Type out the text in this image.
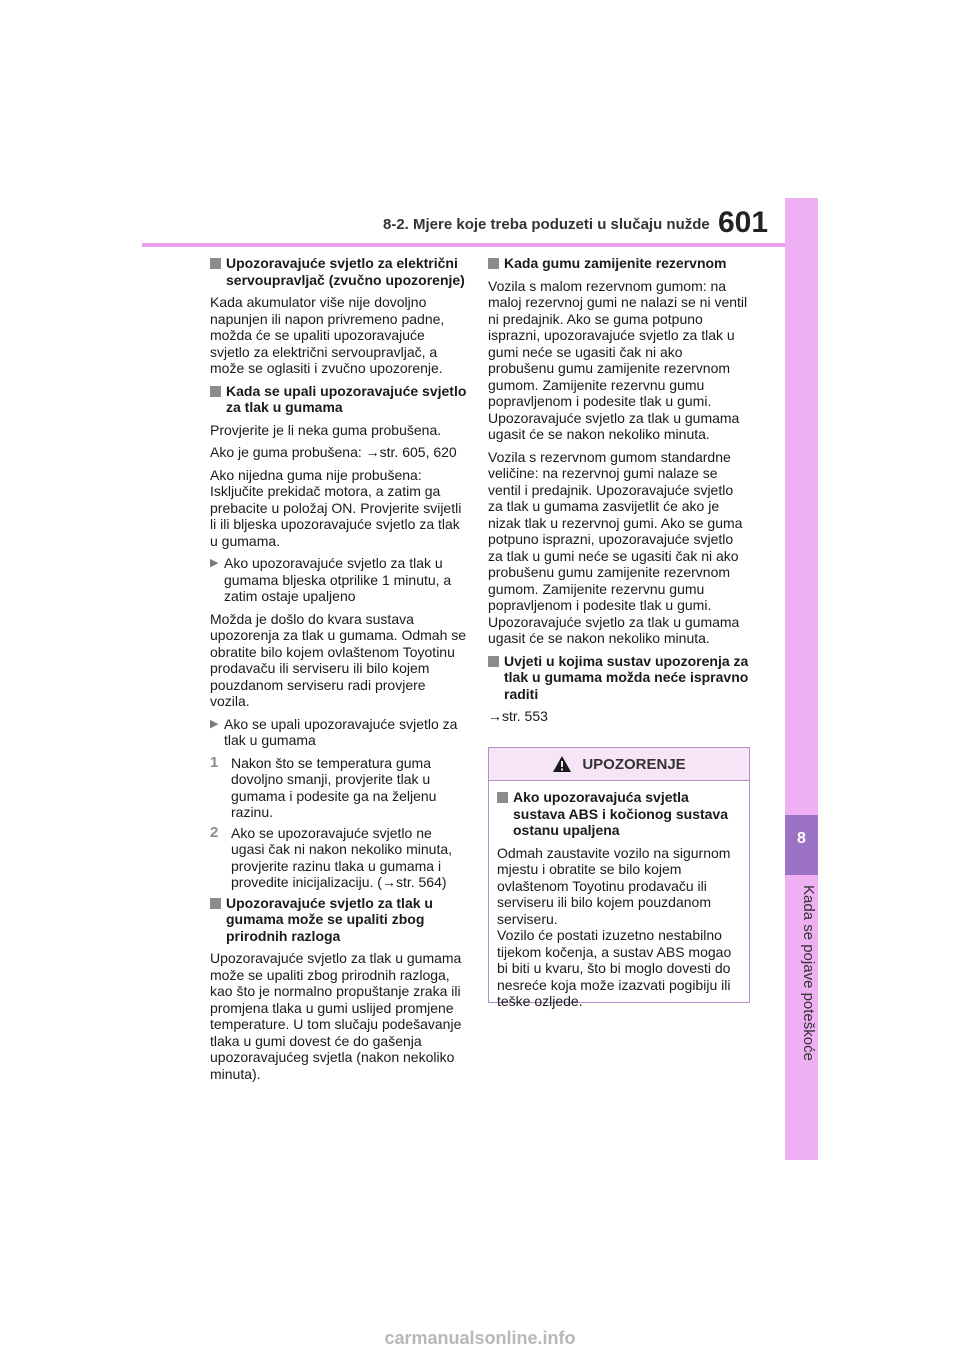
8-2. Mjere koje treba poduzeti u slučaju nužde 601
8
Kada se pojave poteškoće
Upozoravajuće svjetlo za električni servoupravljač (zvučno upozorenje)

Kada akumulator više nije dovoljno napunjen ili napon privremeno padne, možda će se upaliti upozoravajuće svjetlo za električni servoupravljač, a može se oglasiti i zvučno upozorenje.

Kada se upali upozoravajuće svjetlo za tlak u gumama

Provjerite je li neka guma probušena.

Ako je guma probušena: →str. 605, 620

Ako nijedna guma nije probušena: Isključite prekidač motora, a zatim ga prebacite u položaj ON. Provjerite svijetli li ili bljeska upozoravajuće svjetlo za tlak u gumama.

▶ Ako upozoravajuće svjetlo za tlak u gumama bljeska otprilike 1 minutu, a zatim ostaje upaljeno

Možda je došlo do kvara sustava upozorenja za tlak u gumama. Odmah se obratite bilo kojem ovlaštenom Toyotinu prodavaču ili serviseru ili bilo kojem pouzdanom serviseru radi provjere vozila.

▶ Ako se upali upozoravajuće svjetlo za tlak u gumama
1 Nakon što se temperatura guma dovoljno smanji, provjerite tlak u gumama i podesite ga na željenu razinu.
2 Ako se upozoravajuće svjetlo ne ugasi čak ni nakon nekoliko minuta, provjerite razinu tlaka u gumama i provedite inicijalizaciju. (→str. 564)
Upozoravajuće svjetlo za tlak u gumama može se upaliti zbog prirodnih razloga

Upozoravajuće svjetlo za tlak u gumama može se upaliti zbog prirodnih razloga, kao što je normalno propuštanje zraka ili promjena tlaka u gumi uslijed promjene temperature. U tom slučaju podešavanje tlaka u gumi dovest će do gašenja upozoravajućeg svjetla (nakon nekoliko minuta).

Kada gumu zamijenite rezervnom

Vozila s malom rezervnom gumom: na maloj rezervnoj gumi ne nalazi se ni ventil ni predajnik. Ako se guma potpuno isprazni, upozoravajuće svjetlo za tlak u gumi neće se ugasiti čak ni ako probušenu gumu zamijenite rezervnom gumom. Zamijenite rezervnu gumu popravljenom i podesite tlak u gumi. Upozoravajuće svjetlo za tlak u gumama ugasit će se nakon nekoliko minuta.

Vozila s rezervnom gumom standardne veličine: na rezervnoj gumi nalaze se ventil i predajnik. Upozoravajuće svjetlo za tlak u gumama zasvijetlit će ako je nizak tlak u rezervnoj gumi. Ako se guma potpuno isprazni, upozoravajuće svjetlo za tlak u gumi neće se ugasiti čak ni ako probušenu gumu zamijenite rezervnom gumom. Zamijenite rezervnu gumu popravljenom i podesite tlak u gumi. Upozoravajuće svjetlo za tlak u gumama ugasit će se nakon nekoliko minuta.

Uvjeti u kojima sustav upozorenja za tlak u gumama možda neće ispravno raditi

→str. 553

UPOZORENJE
Ako upozoravajuća svjetla sustava ABS i kočionog sustava ostanu upaljena

Odmah zaustavite vozilo na sigurnom mjestu i obratite se bilo kojem ovlaštenom Toyotinu prodavaču ili serviseru ili bilo kojem pouzdanom serviseru.

Vozilo će postati izuzetno nestabilno tijekom kočenja, a sustav ABS mogao bi biti u kvaru, što bi moglo dovesti do nesreće koja može izazvati pogibiju ili teške ozljede.

carmanualsonline.info
